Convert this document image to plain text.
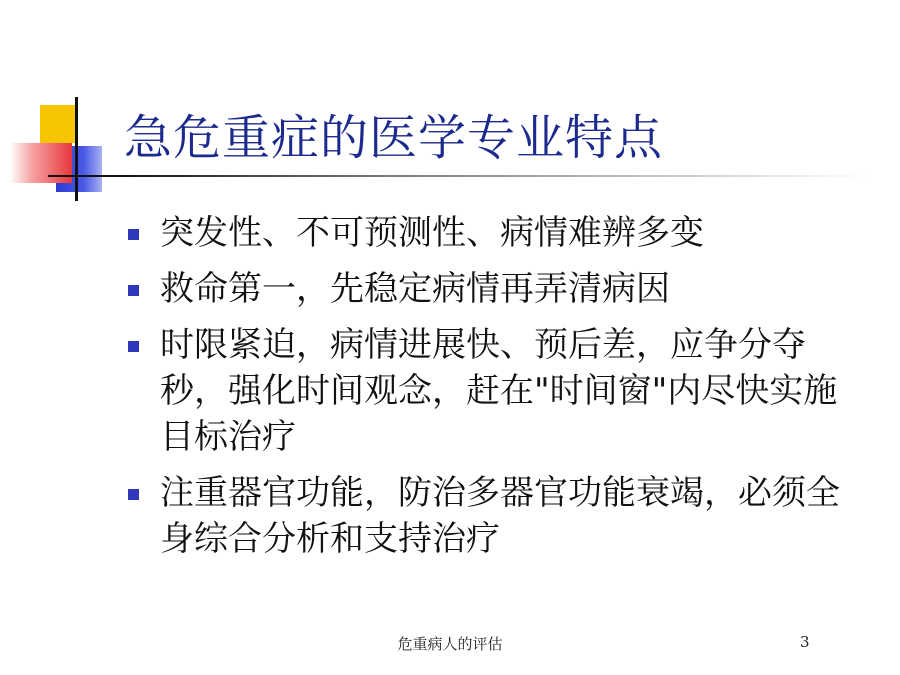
急危重症的医学专业特点
突发性、不可预测性、病情难辨多变
救命第一，先稳定病情再弄清病因
时限紧迫，病情进展快、预后差，应争分夺秒，强化时间观念，赶在"时间窗"内尽快实施目标治疗
注重器官功能，防治多器官功能衰竭，必须全身综合分析和支持治疗
危重病人的评估	3
